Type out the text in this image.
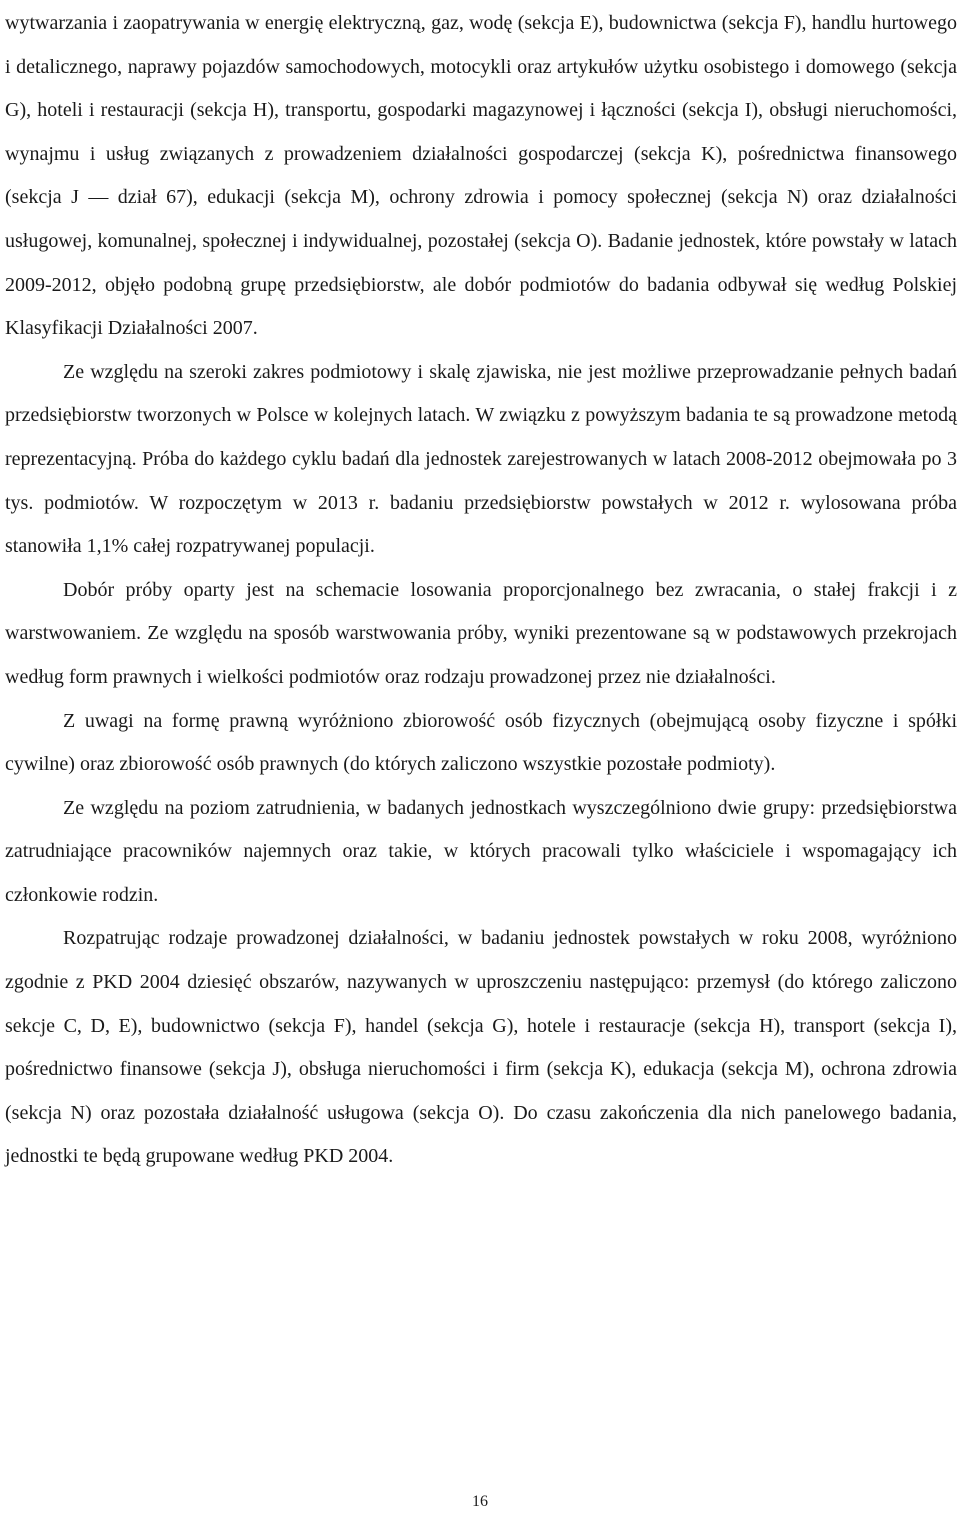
wytwarzania i zaopatrywania w energię elektryczną, gaz, wodę (sekcja E), budownictwa (sekcja F), handlu hurtowego i detalicznego, naprawy pojazdów samochodowych, motocykli oraz artykułów użytku osobistego i domowego (sekcja G), hoteli i restauracji (sekcja H), transportu, gospodarki magazynowej i łączności (sekcja I), obsługi nieruchomości, wynajmu i usług związanych z prowadzeniem działalności gospodarczej (sekcja K), pośrednictwa finansowego (sekcja J — dział 67), edukacji (sekcja M), ochrony zdrowia i pomocy społecznej (sekcja N) oraz działalności usługowej, komunalnej, społecznej i indywidualnej, pozostałej (sekcja O). Badanie jednostek, które powstały w latach 2009-2012, objęło podobną grupę przedsiębiorstw, ale dobór podmiotów do badania odbywał się według Polskiej Klasyfikacji Działalności 2007.

Ze względu na szeroki zakres podmiotowy i skalę zjawiska, nie jest możliwe przeprowadzanie pełnych badań przedsiębiorstw tworzonych w Polsce w kolejnych latach. W związku z powyższym badania te są prowadzone metodą reprezentacyjną. Próba do każdego cyklu badań dla jednostek zarejestrowanych w latach 2008-2012 obejmowała po 3 tys. podmiotów. W rozpoczętym w 2013 r. badaniu przedsiębiorstw powstałych w 2012 r. wylosowana próba stanowiła 1,1% całej rozpatrywanej populacji.

Dobór próby oparty jest na schemacie losowania proporcjonalnego bez zwracania, o stałej frakcji i z warstwowaniem. Ze względu na sposób warstwowania próby, wyniki prezentowane są w podstawowych przekrojach według form prawnych i wielkości podmiotów oraz rodzaju prowadzonej przez nie działalności.

Z uwagi na formę prawną wyróżniono zbiorowość osób fizycznych (obejmującą osoby fizyczne i spółki cywilne) oraz zbiorowość osób prawnych (do których zaliczono wszystkie pozostałe podmioty).

Ze względu na poziom zatrudnienia, w badanych jednostkach wyszczególniono dwie grupy: przedsiębiorstwa zatrudniające pracowników najemnych oraz takie, w których pracowali tylko właściciele i wspomagający ich członkowie rodzin.

Rozpatrując rodzaje prowadzonej działalności, w badaniu jednostek powstałych w roku 2008, wyróżniono zgodnie z PKD 2004 dziesięć obszarów, nazywanych w uproszczeniu następująco: przemysł (do którego zaliczono sekcje C, D, E), budownictwo (sekcja F), handel (sekcja G), hotele i restauracje (sekcja H), transport (sekcja I), pośrednictwo finansowe (sekcja J), obsługa nieruchomości i firm (sekcja K), edukacja (sekcja M), ochrona zdrowia (sekcja N) oraz pozostała działalność usługowa (sekcja O). Do czasu zakończenia dla nich panelowego badania, jednostki te będą grupowane według PKD 2004.

16
